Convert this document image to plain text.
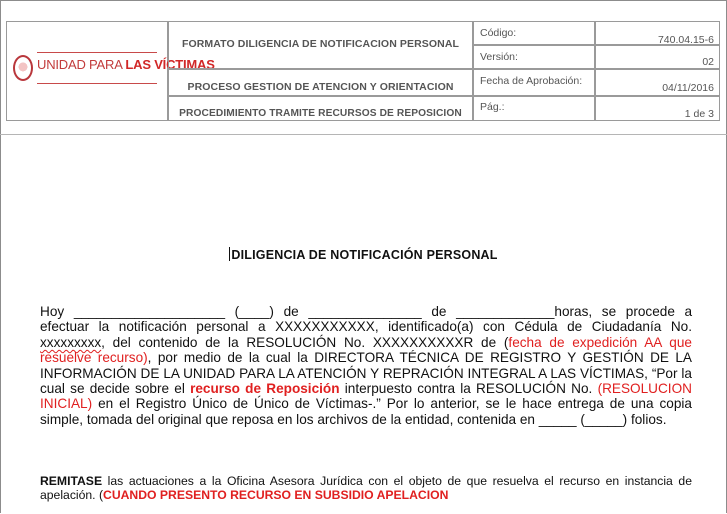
UNIDAD PARA LAS VÍCTIMAS
FORMATO DILIGENCIA DE NOTIFICACION PERSONAL
PROCESO GESTION DE ATENCION Y ORIENTACION
PROCEDIMIENTO TRAMITE RECURSOS DE REPOSICION
Código:
740.04.15-6
Versión:	02
Fecha de Aprobación:
04/11/2016
Pág.:
1 de 3
DILIGENCIA DE NOTIFICACIÓN PERSONAL
Hoy ____________________ (____) de _______________ de _____________horas, se procede a efectuar la notificación personal a XXXXXXXXXXX, identificado(a) con Cédula de Ciudadanía No. xxxxxxxxx, del contenido de la RESOLUCIÓN No. XXXXXXXXXXR de (fecha de expedición AA que resuelve recurso), por medio de la cual la DIRECTORA TÉCNICA DE REGISTRO Y GESTIÓN DE LA INFORMACIÓN DE LA UNIDAD PARA LA ATENCIÓN Y REPRACIÓN INTEGRAL A LAS VÍCTIMAS, “Por la cual se decide sobre el recurso de Reposición interpuesto contra la RESOLUCIÓN No. (RESOLUCION INICIAL) en el Registro Único de Único de Víctimas-.” Por lo anterior, se le hace entrega de una copia simple, tomada del original que reposa en los archivos de la entidad, contenida en _____ (_____) folios.
REMITASE las actuaciones a la Oficina Asesora Jurídica con el objeto de que resuelva el recurso en instancia de apelación. (CUANDO PRESENTO RECURSO EN SUBSIDIO APELACION
